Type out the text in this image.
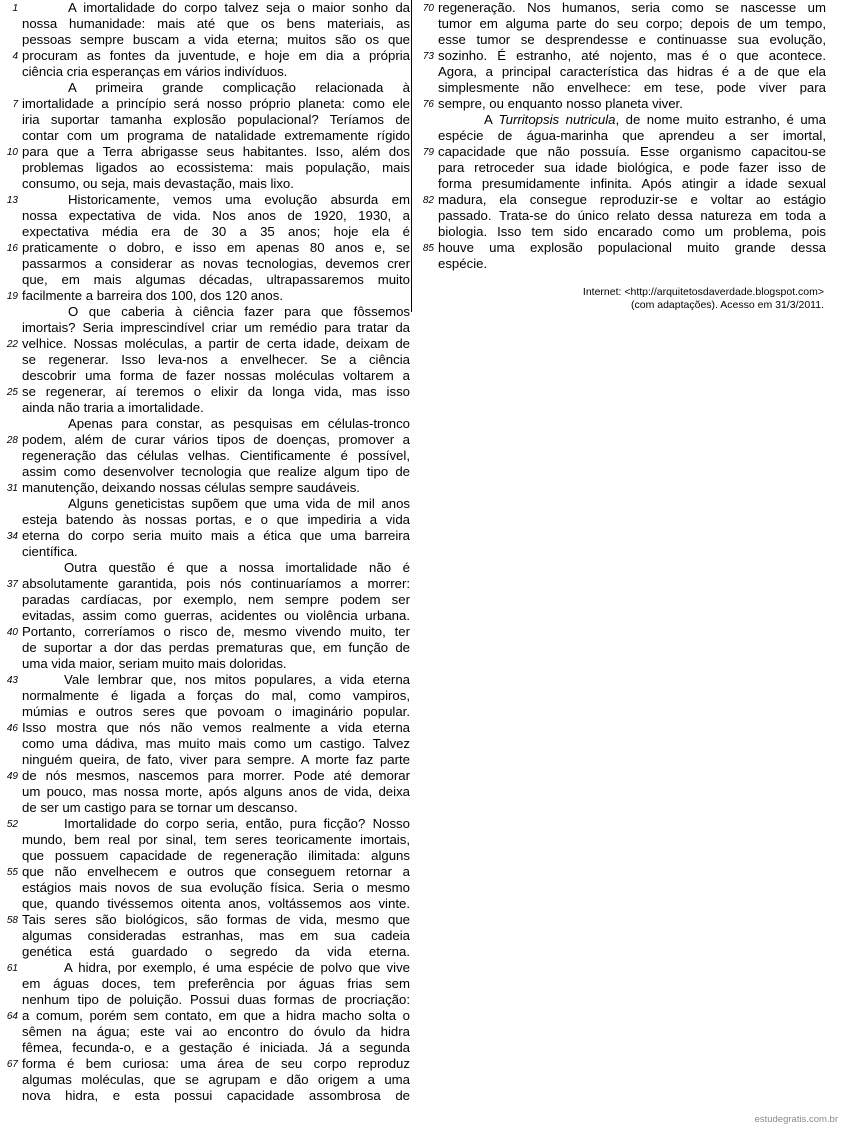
1	A imortalidade do corpo talvez seja o maior sonho da
nossa humanidade: mais até que os bens materiais, as
pessoas sempre buscam a vida eterna; muitos são os que
4 procuram as fontes da juventude, e hoje em dia a própria
ciência cria esperanças em vários indivíduos.
A primeira grande complicação relacionada à
7 imortalidade a princípio será nosso próprio planeta: como ele
iria suportar tamanha explosão populacional? Teríamos de
contar com um programa de natalidade extremamente rígido
10 para que a Terra abrigasse seus habitantes. Isso, além dos
problemas ligados ao ecossistema: mais população, mais
consumo, ou seja, mais devastação, mais lixo.
13	Historicamente, vemos uma evolução absurda em
nossa expectativa de vida. Nos anos de 1920, 1930, a
expectativa média era de 30 a 35 anos; hoje ela é
16 praticamente o dobro, e isso em apenas 80 anos e, se
passarmos a considerar as novas tecnologias, devemos crer
que, em mais algumas décadas, ultrapassaremos muito
19 facilmente a barreira dos 100, dos 120 anos.
O que caberia à ciência fazer para que fôssemos
imortais? Seria imprescindível criar um remédio para tratar da
22 velhice. Nossas moléculas, a partir de certa idade, deixam de
se regenerar. Isso leva-nos a envelhecer. Se a ciência
descobrir uma forma de fazer nossas moléculas voltarem a
25 se regenerar, aí teremos o elixir da longa vida, mas isso
ainda não traria a imortalidade.
Apenas para constar, as pesquisas em células-tronco
28 podem, além de curar vários tipos de doenças, promover a
regeneração das células velhas. Cientificamente é possível,
assim como desenvolver tecnologia que realize algum tipo de
31 manutenção, deixando nossas células sempre saudáveis.
Alguns geneticistas supõem que uma vida de mil anos
esteja batendo às nossas portas, e o que impediria a vida
34 eterna do corpo seria muito mais a ética que uma barreira
científica.
Outra questão é que a nossa imortalidade não é
37 absolutamente garantida, pois nós continuaríamos a morrer:
paradas cardíacas, por exemplo, nem sempre podem ser
evitadas, assim como guerras, acidentes ou violência urbana.
40 Portanto, correríamos o risco de, mesmo vivendo muito, ter
de suportar a dor das perdas prematuras que, em função de
uma vida maior, seriam muito mais doloridas.
43	Vale lembrar que, nos mitos populares, a vida eterna
normalmente é ligada a forças do mal, como vampiros,
múmias e outros seres que povoam o imaginário popular.
46 Isso mostra que nós não vemos realmente a vida eterna
como uma dádiva, mas muito mais como um castigo. Talvez
ninguém queira, de fato, viver para sempre. A morte faz parte
49 de nós mesmos, nascemos para morrer. Pode até demorar
um pouco, mas nossa morte, após alguns anos de vida, deixa
de ser um castigo para se tornar um descanso.
52	Imortalidade do corpo seria, então, pura ficção? Nosso
mundo, bem real por sinal, tem seres teoricamente imortais,
que possuem capacidade de regeneração ilimitada: alguns
55 que não envelhecem e outros que conseguem retornar a
estágios mais novos de sua evolução física. Seria o mesmo
que, quando tivéssemos oitenta anos, voltássemos aos vinte.
58 Tais seres são biológicos, são formas de vida, mesmo que
algumas consideradas estranhas, mas em sua cadeia
genética está guardado o segredo da vida eterna.
61	A hidra, por exemplo, é uma espécie de polvo que vive
em águas doces, tem preferência por águas frias sem
nenhum tipo de poluição. Possui duas formas de procriação:
64 a comum, porém sem contato, em que a hidra macho solta o
sêmen na água; este vai ao encontro do óvulo da hidra
fêmea, fecunda-o, e a gestação é iniciada. Já a segunda
67 forma é bem curiosa: uma área de seu corpo reproduz
algumas moléculas, que se agrupam e dão origem a uma
nova hidra, e esta possui capacidade assombrosa de
70 regeneração. Nos humanos, seria como se nascesse um
tumor em alguma parte do seu corpo; depois de um tempo,
esse tumor se desprendesse e continuasse sua evolução,
73 sozinho. É estranho, até nojento, mas é o que acontece.
Agora, a principal característica das hidras é a de que ela
simplesmente não envelhece: em tese, pode viver para
76 sempre, ou enquanto nosso planeta viver.
A Turritopsis nutricula, de nome muito estranho, é uma
espécie de água-marinha que aprendeu a ser imortal,
79 capacidade que não possuía. Esse organismo capacitou-se
para retroceder sua idade biológica, e pode fazer isso de
forma presumidamente infinita. Após atingir a idade sexual
82 madura, ela consegue reproduzir-se e voltar ao estágio
passado. Trata-se do único relato dessa natureza em toda a
biologia. Isso tem sido encarado como um problema, pois
85 houve uma explosão populacional muito grande dessa
espécie.
Internet: <http://arquitetosdaverdade.blogspot.com>
(com adaptações). Acesso em 31/3/2011.
estudegratis.com.br
